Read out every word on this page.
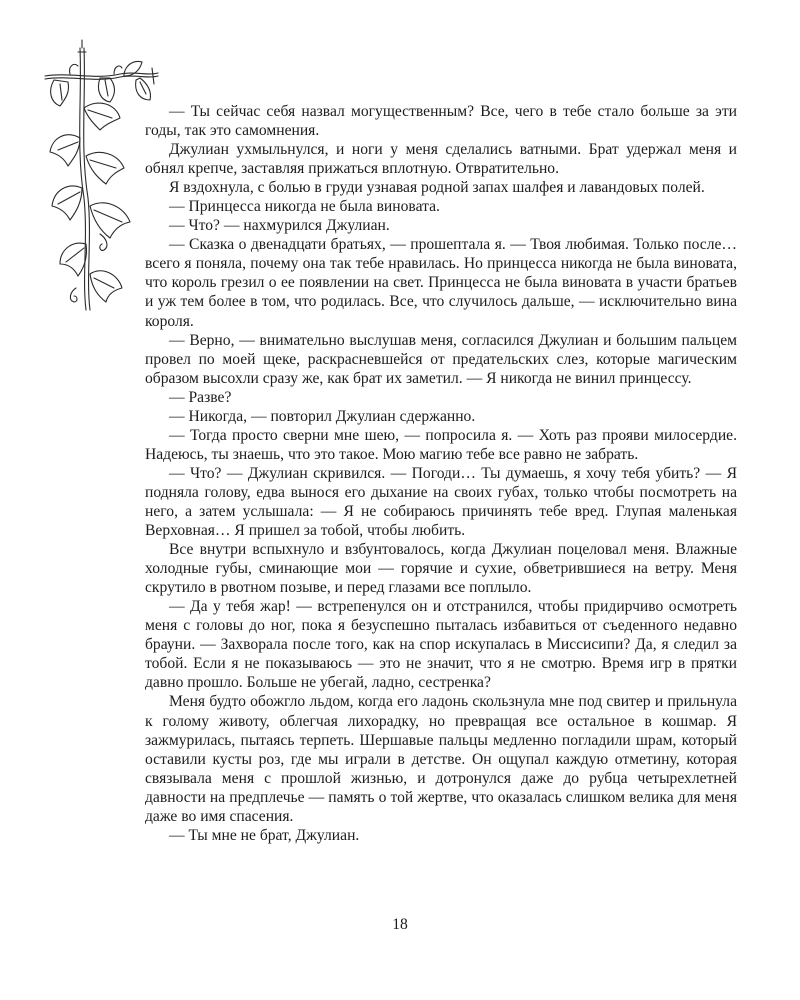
— Ты сейчас себя назвал могущественным? Все, чего в тебе стало больше за эти годы, так это самомнения.

Джулиан ухмыльнулся, и ноги у меня сделались ватными. Брат удержал меня и обнял крепче, заставляя прижаться вплотную. Отвратительно.

Я вздохнула, с болью в груди узнавая родной запах шалфея и лавандовых полей.

— Принцесса никогда не была виновата.

— Что? — нахмурился Джулиан.

— Сказка о двенадцати братьях, — прошептала я. — Твоя любимая. Только после… всего я поняла, почему она так тебе нравилась. Но принцесса никогда не была виновата, что король грезил о ее появлении на свет. Принцесса не была виновата в участи братьев и уж тем более в том, что родилась. Все, что случилось дальше, — исключительно вина короля.

— Верно, — внимательно выслушав меня, согласился Джулиан и большим пальцем провел по моей щеке, раскрасневшейся от предательских слез, которые магическим образом высохли сразу же, как брат их заметил. — Я никогда не винил принцессу.

— Разве?

— Никогда, — повторил Джулиан сдержанно.

— Тогда просто сверни мне шею, — попросила я. — Хоть раз прояви милосердие. Надеюсь, ты знаешь, что это такое. Мою магию тебе все равно не забрать.

— Что? — Джулиан скривился. — Погоди… Ты думаешь, я хочу тебя убить? — Я подняла голову, едва вынося его дыхание на своих губах, только чтобы посмотреть на него, а затем услышала: — Я не собираюсь причинять тебе вред. Глупая маленькая Верховная… Я пришел за тобой, чтобы любить.

Все внутри вспыхнуло и взбунтовалось, когда Джулиан поцеловал меня. Влажные холодные губы, сминающие мои — горячие и сухие, обветрившиеся на ветру. Меня скрутило в рвотном позыве, и перед глазами все поплыло.

— Да у тебя жар! — встрепенулся он и отстранился, чтобы придирчиво осмотреть меня с головы до ног, пока я безуспешно пыталась избавиться от съеденного недавно брауни. — Захворала после того, как на спор искупалась в Миссисипи? Да, я следил за тобой. Если я не показываюсь — это не значит, что я не смотрю. Время игр в прятки давно прошло. Больше не убегай, ладно, сестренка?

Меня будто обожгло льдом, когда его ладонь скользнула мне под свитер и прильнула к голому животу, облегчая лихорадку, но превращая все остальное в кошмар. Я зажмурилась, пытаясь терпеть. Шершавые пальцы медленно погладили шрам, который оставили кусты роз, где мы играли в детстве. Он ощупал каждую отметину, которая связывала меня с прошлой жизнью, и дотронулся даже до рубца четырехлетней давности на предплечье — память о той жертве, что оказалась слишком велика для меня даже во имя спасения.

— Ты мне не брат, Джулиан.

18
